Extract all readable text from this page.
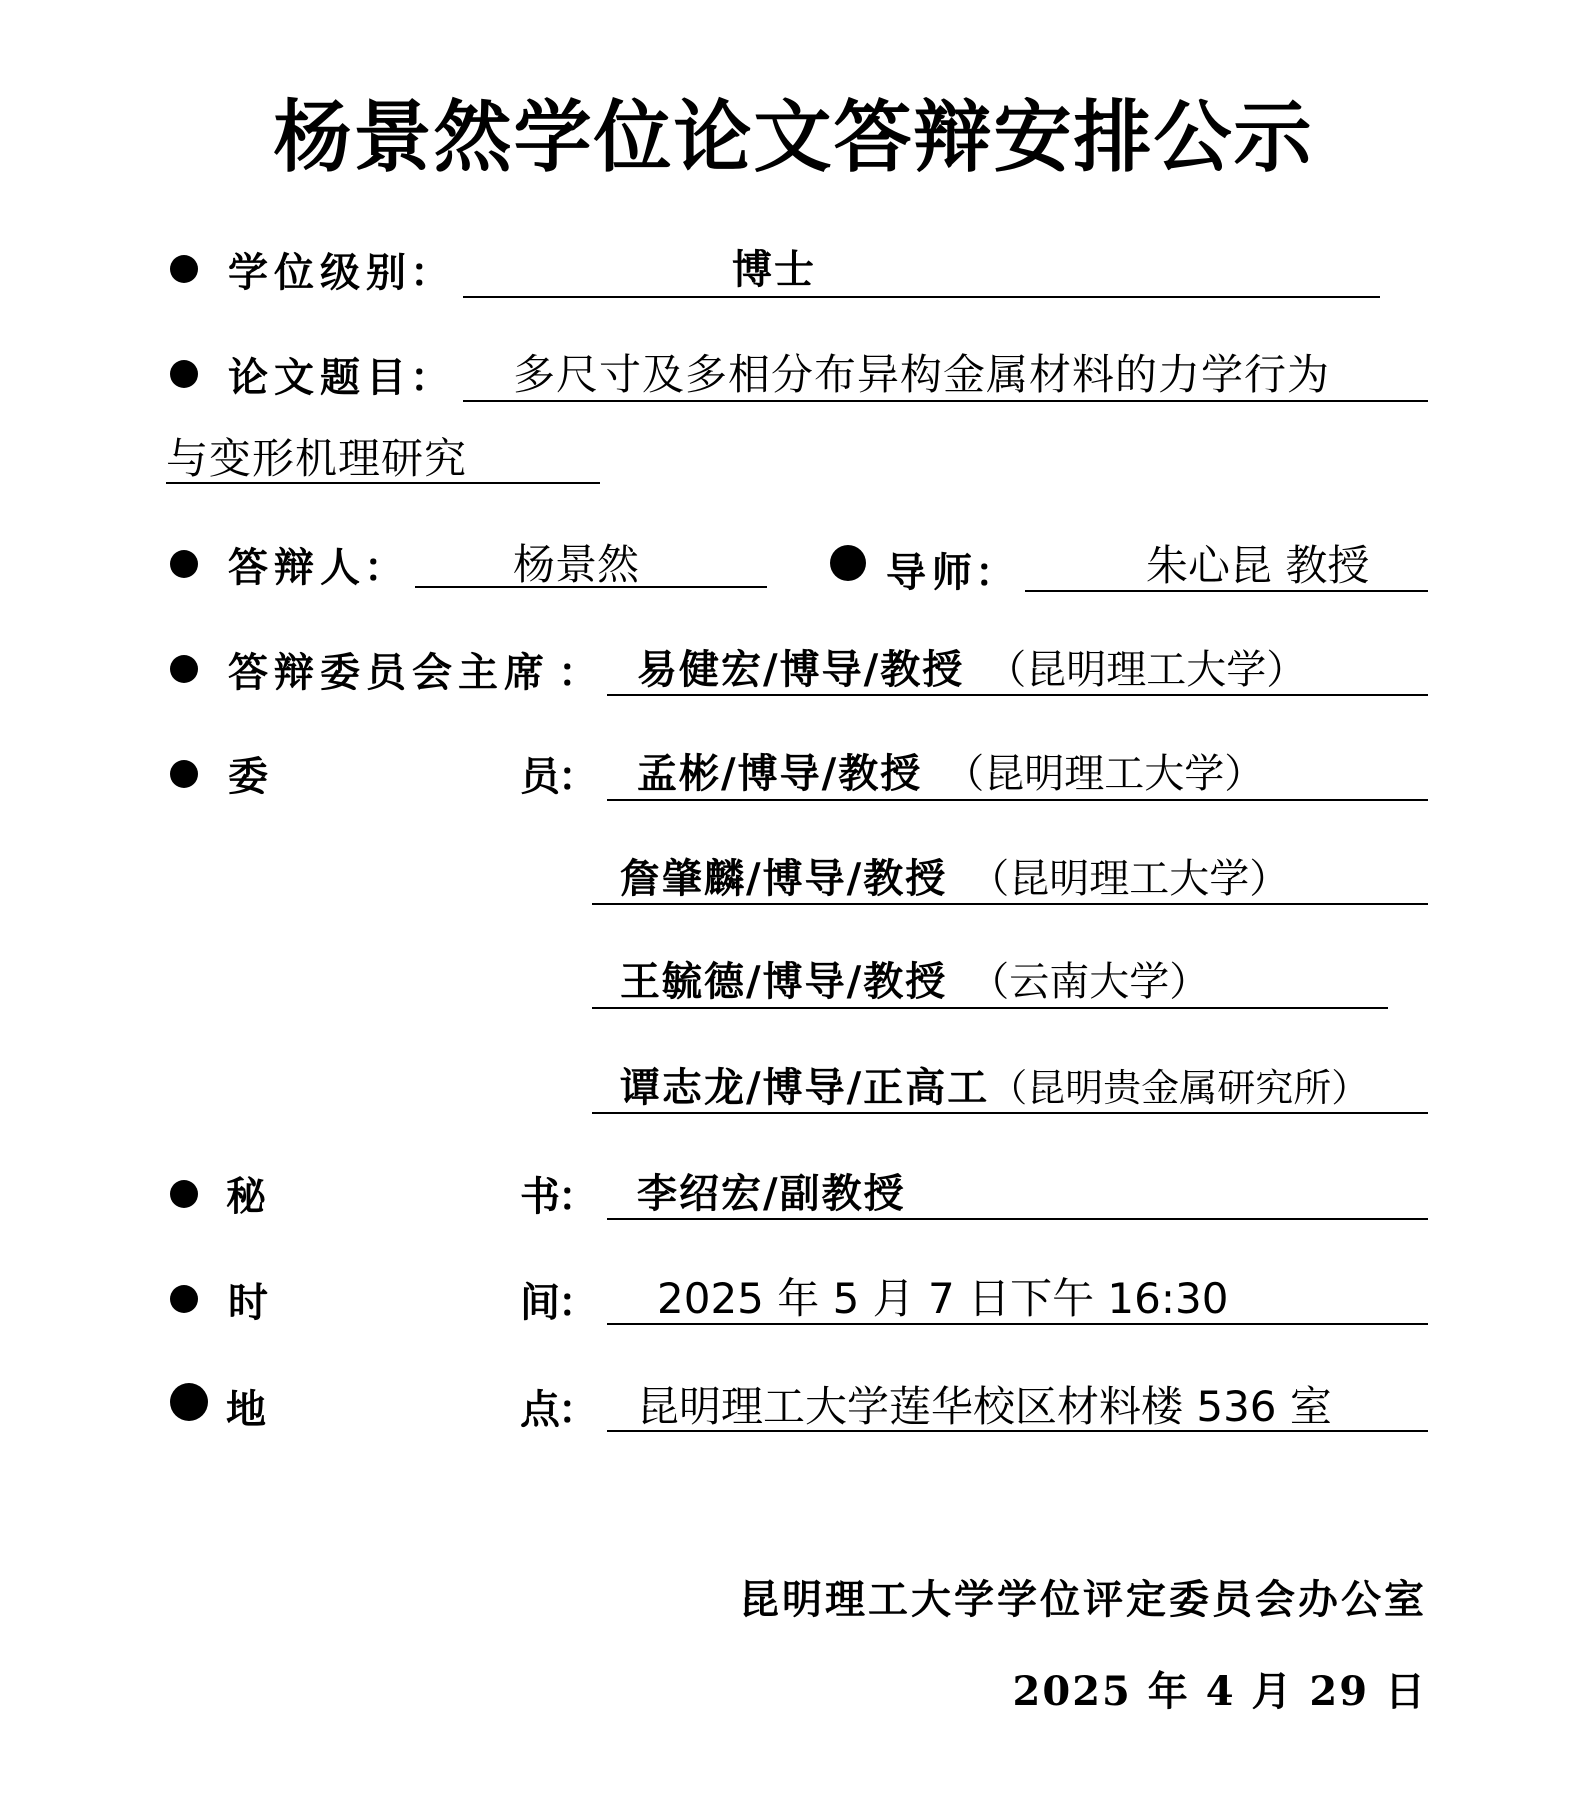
杨景然学位论文答辩安排公示
学位级别
：	博士
论文题目
： 多尺寸及多相分布异构金属材料的力学行为
与变形机理研究
答辩人
：	杨景然	导师
：	朱心昆 教授
答辩委员会主席 ： 易健宏/博导/教授 （昆明理工大学）
委	员
： 孟彬/博导/教授 （昆明理工大学）
詹肇麟/博导/教授 （昆明理工大学）
王毓德/博导/教授 （云南大学）
谭志龙/博导/正高工（昆明贵金属研究所）
秘	书
： 李绍宏/副教授
时	间
： 2025 年 5 月 7 日下午 16:30
地	点
： 昆明理工大学莲华校区材料楼 536 室
昆明理工大学学位评定委员会办公室
2025 年 4 月 29 日
